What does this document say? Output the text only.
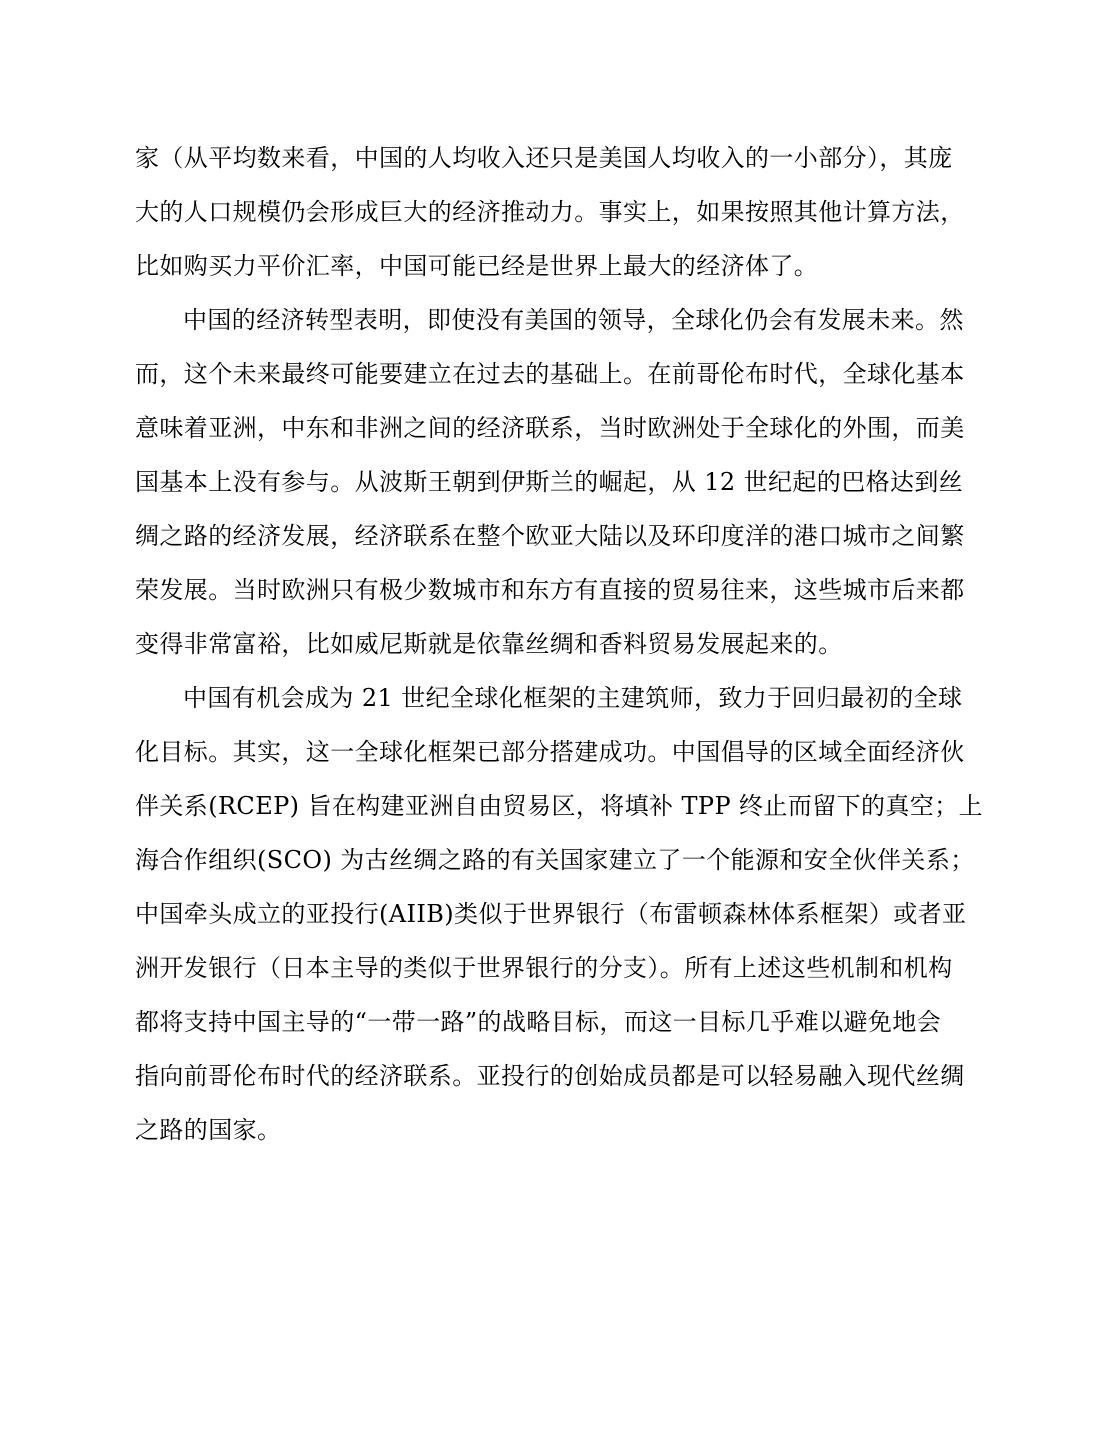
家（从平均数来看，中国的人均收入还只是美国人均收入的一小部分），其庞
大的人口规模仍会形成巨大的经济推动力。事实上，如果按照其他计算方法，
比如购买力平价汇率，中国可能已经是世界上最大的经济体了。
中国的经济转型表明，即使没有美国的领导，全球化仍会有发展未来。然
而，这个未来最终可能要建立在过去的基础上。在前哥伦布时代，全球化基本
意味着亚洲，中东和非洲之间的经济联系，当时欧洲处于全球化的外围，而美
国基本上没有参与。从波斯王朝到伊斯兰的崛起，从 12 世纪起的巴格达到丝
绸之路的经济发展，经济联系在整个欧亚大陆以及环印度洋的港口城市之间繁
荣发展。当时欧洲只有极少数城市和东方有直接的贸易往来，这些城市后来都
变得非常富裕，比如威尼斯就是依靠丝绸和香料贸易发展起来的。
中国有机会成为 21 世纪全球化框架的主建筑师，致力于回归最初的全球
化目标。其实，这一全球化框架已部分搭建成功。中国倡导的区域全面经济伙
伴关系(RCEP) 旨在构建亚洲自由贸易区，将填补 TPP 终止而留下的真空；上
海合作组织(SCO) 为古丝绸之路的有关国家建立了一个能源和安全伙伴关系；
中国牵头成立的亚投行(AIIB)类似于世界银行（布雷顿森林体系框架）或者亚
洲开发银行（日本主导的类似于世界银行的分支）。所有上述这些机制和机构
都将支持中国主导的“一带一路”的战略目标，而这一目标几乎难以避免地会
指向前哥伦布时代的经济联系。亚投行的创始成员都是可以轻易融入现代丝绸
之路的国家。
